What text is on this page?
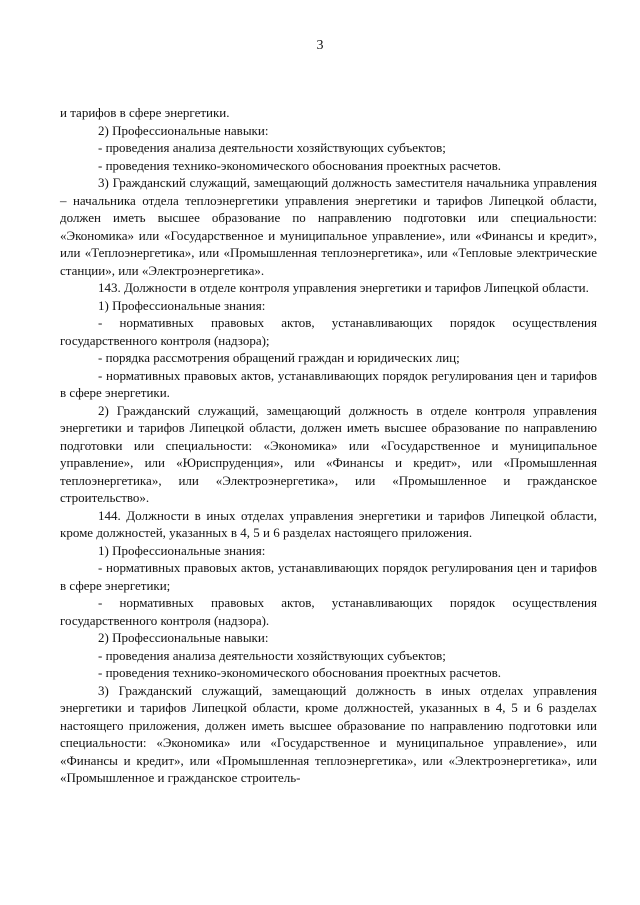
3

и тарифов в сфере энергетики.

2) Профессиональные навыки:

- проведения анализа деятельности хозяйствующих субъектов;

- проведения технико-экономического обоснования проектных расчетов.

3) Гражданский служащий, замещающий должность заместителя начальника управления – начальника отдела теплоэнергетики управления энергетики и тарифов Липецкой области, должен иметь высшее образование по направлению подготовки или специальности: «Экономика» или «Государственное и муниципальное управление», или «Финансы и кредит», или «Теплоэнергетика», или «Промышленная теплоэнергетика», или «Тепловые электрические станции», или «Электроэнергетика».

143. Должности в отделе контроля управления энергетики и тарифов Липецкой области.

1) Профессиональные знания:

- нормативных правовых актов, устанавливающих порядок осуществления государственного контроля (надзора);

- порядка рассмотрения обращений граждан и юридических лиц;

- нормативных правовых актов, устанавливающих порядок регулирования цен и тарифов в сфере энергетики.

2) Гражданский служащий, замещающий должность в отделе контроля управления энергетики и тарифов Липецкой области, должен иметь высшее образование по направлению подготовки или специальности: «Экономика» или «Государственное и муниципальное управление», или «Юриспруденция», или «Финансы и кредит», или «Промышленная теплоэнергетика», или «Электроэнергетика», или «Промышленное и гражданское строительство».

144. Должности в иных отделах управления энергетики и тарифов Липецкой области, кроме должностей, указанных в 4, 5 и 6 разделах настоящего приложения.

1) Профессиональные знания:

- нормативных правовых актов, устанавливающих порядок регулирования цен и тарифов в сфере энергетики;

- нормативных правовых актов, устанавливающих порядок осуществления государственного контроля (надзора).

2) Профессиональные навыки:

- проведения анализа деятельности хозяйствующих субъектов;

- проведения технико-экономического обоснования проектных расчетов.

3) Гражданский служащий, замещающий должность в иных отделах управления энергетики и тарифов Липецкой области, кроме должностей, указанных в 4, 5 и 6 разделах настоящего приложения, должен иметь высшее образование по направлению подготовки или специальности: «Экономика» или «Государственное и муниципальное управление», или «Финансы и кредит», или «Промышленная теплоэнергетика», или «Электроэнергетика», или «Промышленное и гражданское строитель-
